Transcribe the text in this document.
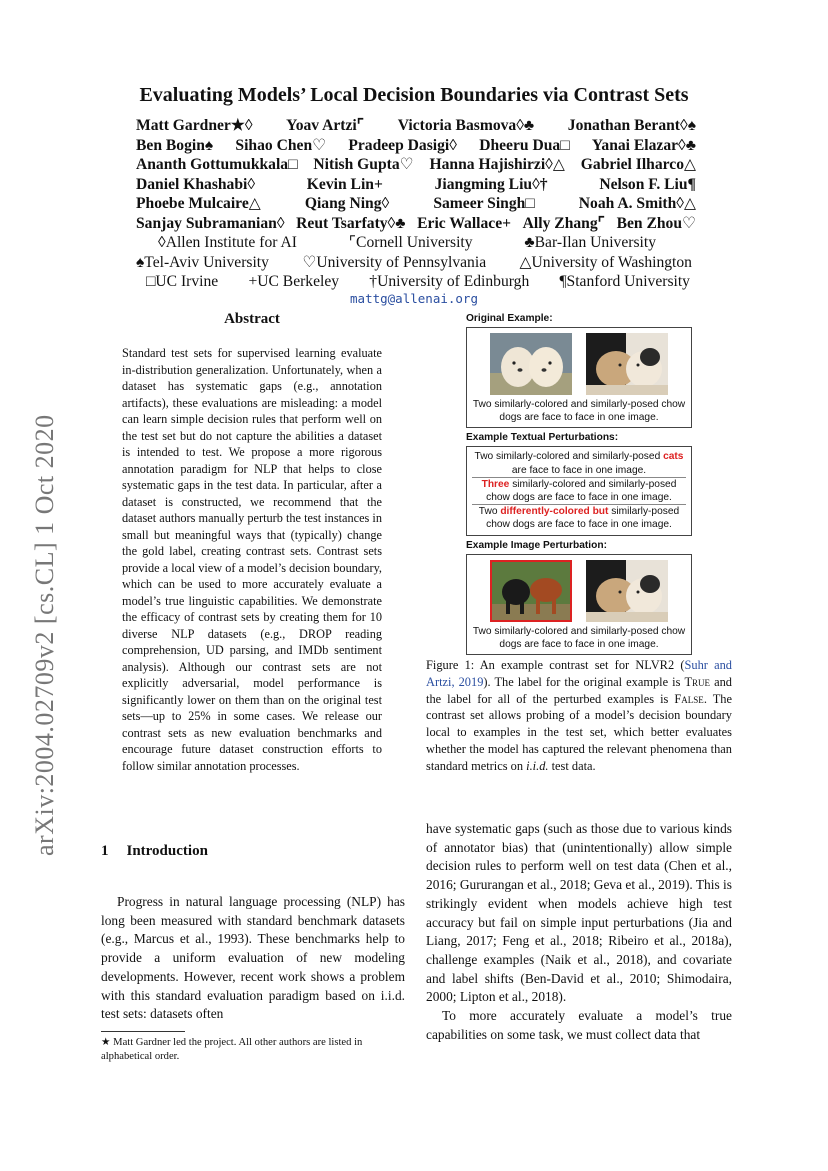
arXiv:2004.02709v2 [cs.CL] 1 Oct 2020
Evaluating Models’ Local Decision Boundaries via Contrast Sets
Matt Gardner★◊ Yoav Artzi⌜ Victoria Basmova◊♣ Jonathan Berant◊♠
Ben Bogin♠ Sihao Chen♡ Pradeep Dasigi◊ Dheeru Dua□ Yanai Elazar◊♣
Ananth Gottumukkala□ Nitish Gupta♡ Hanna Hajishirzi◊△ Gabriel Ilharco△
Daniel Khashabi◊	Kevin Lin+	Jiangming Liu◊†	Nelson F. Liu¶
Phoebe Mulcaire△	Qiang Ning◊	Sameer Singh□	Noah A. Smith◊△
Sanjay Subramanian◊ Reut Tsarfaty◊♣ Eric Wallace+ Ally Zhang⌜ Ben Zhou♡
◊Allen Institute for AI	⌜Cornell University	♣Bar-Ilan University
♠Tel-Aviv University ♡University of Pennsylvania △University of Washington
□UC Irvine +UC Berkeley †University of Edinburgh ¶Stanford University
mattg@allenai.org
Abstract

Standard test sets for supervised learning evaluate in-distribution generalization. Unfortunately, when a dataset has systematic gaps (e.g., annotation artifacts), these evaluations are misleading: a model can learn simple decision rules that perform well on the test set but do not capture the abilities a dataset is intended to test. We propose a more rigorous annotation paradigm for NLP that helps to close systematic gaps in the test data. In particular, after a dataset is constructed, we recommend that the dataset authors manually perturb the test instances in small but meaningful ways that (typically) change the gold label, creating contrast sets. Contrast sets provide a local view of a model’s decision boundary, which can be used to more accurately evaluate a model’s true linguistic capabilities. We demonstrate the efficacy of contrast sets by creating them for 10 diverse NLP datasets (e.g., DROP reading comprehension, UD parsing, and IMDb sentiment analysis). Although our contrast sets are not explicitly adversarial, model performance is significantly lower on them than on the original test sets—up to 25% in some cases. We release our contrast sets as new evaluation benchmarks and encourage future dataset construction efforts to follow similar annotation processes.

1 Introduction

Progress in natural language processing (NLP) has long been measured with standard benchmark datasets (e.g., Marcus et al., 1993). These benchmarks help to provide a uniform evaluation of new modeling developments. However, recent work shows a problem with this standard evaluation paradigm based on i.i.d. test sets: datasets often

★ Matt Gardner led the project. All other authors are listed in alphabetical order.
Original Example:
Two similarly-colored and similarly-posed chow dogs are face to face in one image.
Example Textual Perturbations:
Two similarly-colored and similarly-posed cats are face to face in one image.
Three similarly-colored and similarly-posed chow dogs are face to face in one image.
Two differently-colored but similarly-posed chow dogs are face to face in one image.
Example Image Perturbation:
Two similarly-colored and similarly-posed chow dogs are face to face in one image.

Figure 1: An example contrast set for NLVR2 (Suhr and Artzi, 2019). The label for the original example is True and the label for all of the perturbed examples is False. The contrast set allows probing of a model’s decision boundary local to examples in the test set, which better evaluates whether the model has captured the relevant phenomena than standard metrics on i.i.d. test data.

have systematic gaps (such as those due to various kinds of annotator bias) that (unintentionally) allow simple decision rules to perform well on test data (Chen et al., 2016; Gururangan et al., 2018; Geva et al., 2019). This is strikingly evident when models achieve high test accuracy but fail on simple input perturbations (Jia and Liang, 2017; Feng et al., 2018; Ribeiro et al., 2018a), challenge examples (Naik et al., 2018), and covariate and label shifts (Ben-David et al., 2010; Shimodaira, 2000; Lipton et al., 2018).

To more accurately evaluate a model’s true capabilities on some task, we must collect data that
